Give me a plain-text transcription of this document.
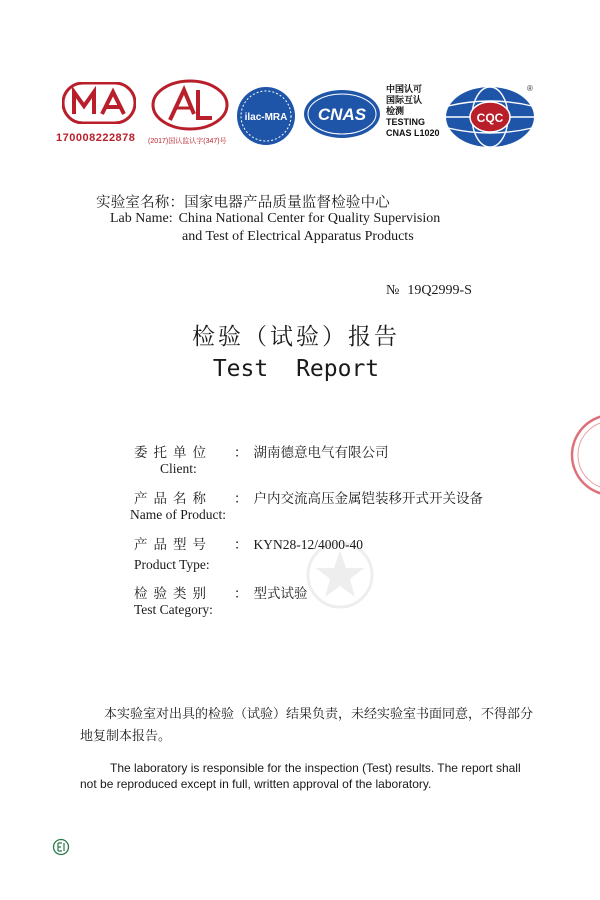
170008222878 (2017)国认监认字(347)号
ilac-MRA CNAS
中国认可
国际互认
检测
TESTING
CNAS L1020
CQC
®
实验室名称：国家电器产品质量监督检验中心
Lab Name: China National Center for Quality Supervision
and Test of Electrical Apparatus Products
№ 19Q2999-S
检验（试验）报告
Test Report
委托单位 ： 湖南德意电气有限公司
Client:
产品名称 ： 户内交流高压金属铠装移开式开关设备
Name of Product:
产品型号 ： KYN28-12/4000-40
Product Type:
检验类别 ： 型式试验
Test Category:
本实验室对出具的检验（试验）结果负责，未经实验室书面同意，不得部分地复制本报告。
The laboratory is responsible for the inspection (Test) results. The report shall not be reproduced except in full, written approval of the laboratory.
